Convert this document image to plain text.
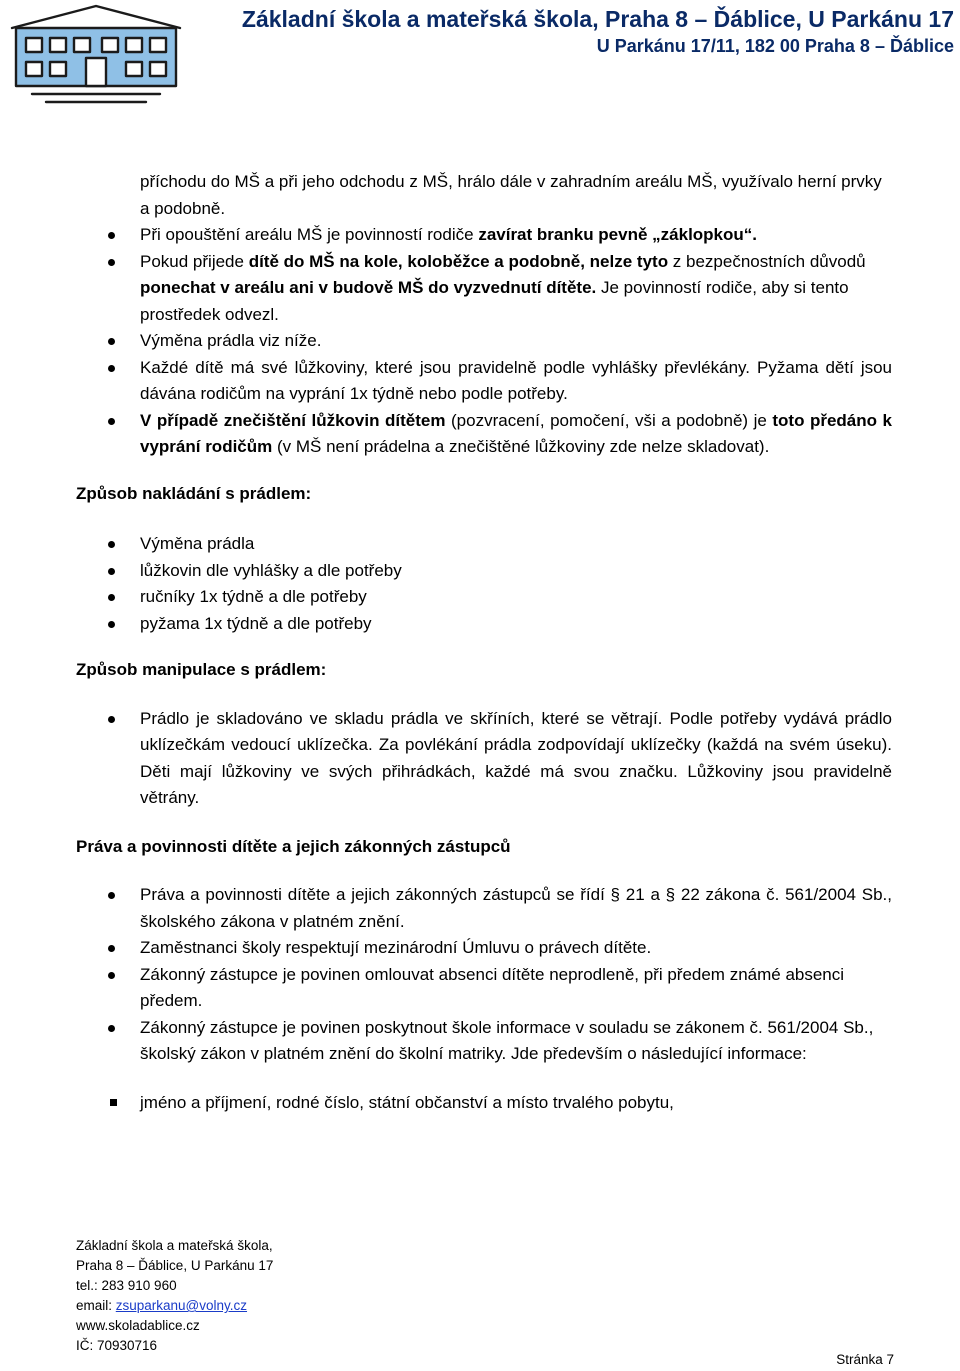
Základní škola a mateřská škola, Praha 8 – Ďáblice, U Parkánu 17
U Parkánu 17/11, 182 00 Praha 8 – Ďáblice
příchodu do MŠ a při jeho odchodu z MŠ, hrálo dále v zahradním areálu MŠ, využívalo herní prvky a podobně.
Při opouštění areálu MŠ je povinností rodiče zavírat branku pevně „záklopkou“.
Pokud přijede dítě do MŠ na kole, koloběžce a podobně, nelze tyto z bezpečnostních důvodů ponechat v areálu ani v budově MŠ do vyzvednutí dítěte. Je povinností rodiče, aby si tento prostředek odvezl.
Výměna prádla viz níže.
Každé dítě má své lůžkoviny, které jsou pravidelně podle vyhlášky převlékány. Pyžama dětí jsou dávána rodičům na vyprání 1x týdně nebo podle potřeby.
V případě znečištění lůžkovin dítětem (pozvracení, pomočení, vši a podobně) je toto předáno k vyprání rodičům (v MŠ není prádelna a znečištěné lůžkoviny zde nelze skladovat).

Způsob nakládání s prádlem:

Výměna prádla
lůžkovin dle vyhlášky a dle potřeby
ručníky 1x týdně a dle potřeby
pyžama 1x týdně a dle potřeby

Způsob manipulace s prádlem:

Prádlo je skladováno ve skladu prádla ve skříních, které se větrají. Podle potřeby vydává prádlo uklízečkám vedoucí uklízečka. Za povlékání prádla zodpovídají uklízečky (každá na svém úseku). Děti mají lůžkoviny ve svých přihrádkách, každé má svou značku. Lůžkoviny jsou pravidelně větrány.

Práva a povinnosti dítěte a jejich zákonných zástupců

Práva a povinnosti dítěte a jejich zákonných zástupců se řídí § 21 a § 22 zákona č. 561/2004 Sb., školského zákona v platném znění.
Zaměstnanci školy respektují mezinárodní Úmluvu o právech dítěte.
Zákonný zástupce je povinen omlouvat absenci dítěte neprodleně, při předem známé absenci předem.
Zákonný zástupce je povinen poskytnout škole informace v souladu se zákonem č. 561/2004 Sb., školský zákon v platném znění do školní matriky. Jde především o následující informace:
jméno a příjmení, rodné číslo, státní občanství a místo trvalého pobytu,
Základní škola a mateřská škola,
Praha 8 – Ďáblice, U Parkánu 17
tel.: 283 910 960
email: zsuparkanu@volny.cz
www.skoladablice.cz
IČ: 70930716
Stránka 7
